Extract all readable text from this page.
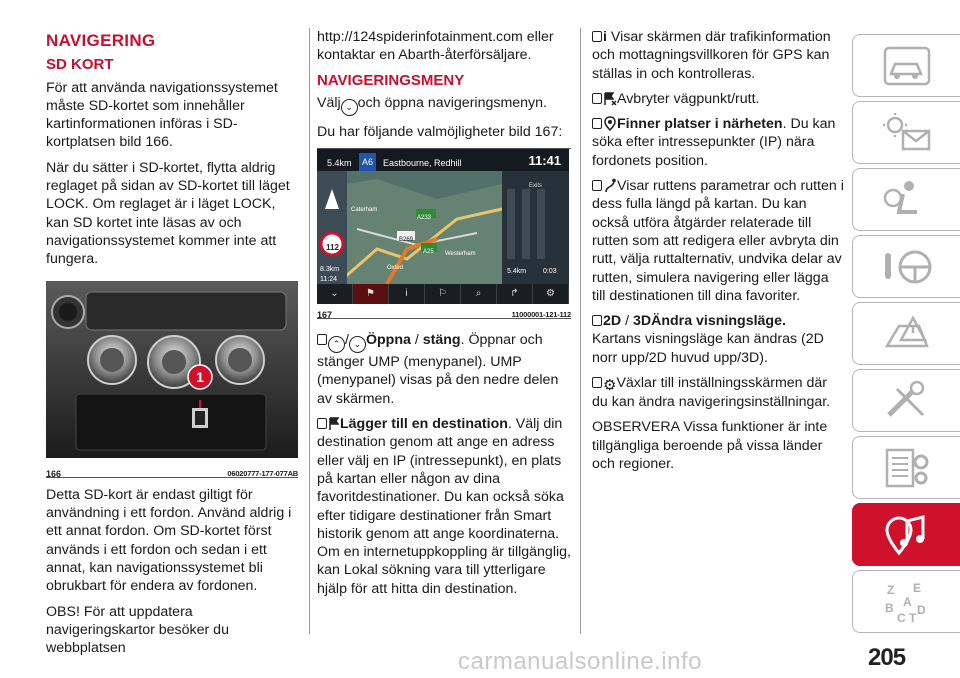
NAVIGERING
SD KORT

För att använda navigationssystemet måste SD-kortet som innehåller kartinformationen införas i SD-kortplatsen bild 166.

När du sätter i SD-kortet, flytta aldrig reglaget på sidan av SD-kortet till läget LOCK. Om reglaget är i läget LOCK, kan SD kortet inte läsas av och navigationssystemet kommer inte att fungera.

1
166	06020777-177-077AB

Detta SD-kort är endast giltigt för användning i ett fordon. Använd aldrig i ett annat fordon. Om SD-kortet först används i ett fordon och sedan i ett annat, kan navigationssystemet bli obrukbart för endera av fordonen.

OBS! För att uppdatera navigeringskartor besöker du webbplatsen

http://124spiderinfotainment.com eller kontaktar en Abarth-återförsäljare.

NAVIGERINGSMENY

Välj ⌄ och öppna navigeringsmenyn.

Du har följande valmöjligheter bild 167:

5.4km	A6	Eastbourne, Redhill	11:41
112
8.3km
11:24
Exits
Caterham
Oxted
Westerham
A233
A25
B269
5.4km 0:03
⌄	⚑	i	⚐	⌕	↱	⚙
167	11000001-121-112

⌃ / ⌄ Öppna / stäng. Öppnar och stänger UMP (menypanel). UMP (menypanel) visas på den nedre delen av skärmen.

Lägger till en destination. Välj din destination genom att ange en adress eller välj en IP (intressepunkt), en plats på kartan eller någon av dina favoritdestinationer. Du kan också söka efter tidigare destinationer från Smart historik genom att ange koordinaterna. Om en internetuppkoppling är tillgänglig, kan Lokal sökning vara till ytterligare hjälp för att hitta din destination.

i Visar skärmen där trafikinformation och mottagningsvillkoren för GPS kan ställas in och kontrolleras.

Avbryter vägpunkt/rutt.

Finner platser i närheten. Du kan söka efter intressepunkter (IP) nära fordonets position.

Visar ruttens parametrar och rutten i dess fulla längd på kartan. Du kan också utföra åtgärder relaterade till rutten som att redigera eller avbryta din rutt, välja ruttalternativ, undvika delar av rutten, simulera navigering eller lägga till destinationen till dina favoriter.

2D / 3DÄndra visningsläge.
Kartans visningsläge kan ändras (2D norr upp/2D huvud upp/3D).

⚙Växlar till inställningsskärmen där du kan ändra navigeringsinställningar.

OBSERVERA Vissa funktioner är inte tillgängliga beroende på vissa länder och regioner.

Z E
A
B D
C T
carmanualsonline.info	205
